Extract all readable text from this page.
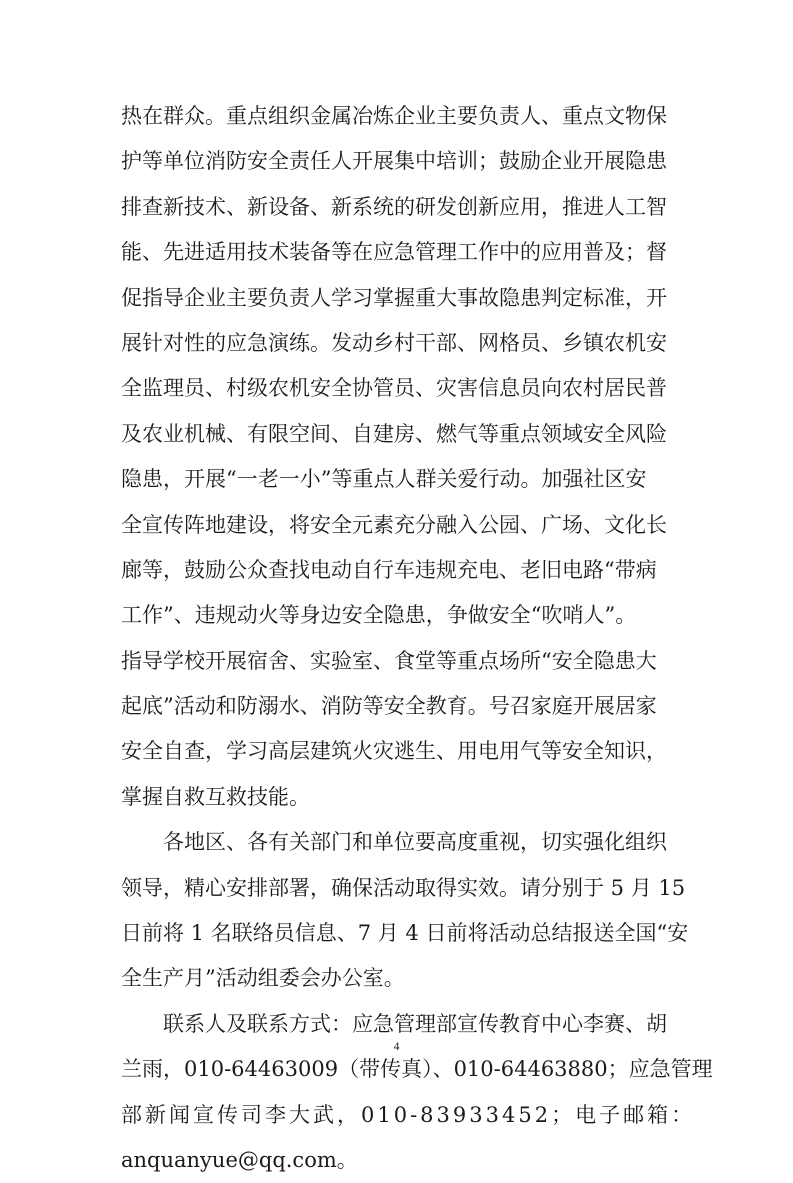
热在群众。重点组织金属冶炼企业主要负责人、重点文物保
护等单位消防安全责任人开展集中培训；鼓励企业开展隐患
排查新技术、新设备、新系统的研发创新应用，推进人工智
能、先进适用技术装备等在应急管理工作中的应用普及；督
促指导企业主要负责人学习掌握重大事故隐患判定标准，开
展针对性的应急演练。发动乡村干部、网格员、乡镇农机安
全监理员、村级农机安全协管员、灾害信息员向农村居民普
及农业机械、有限空间、自建房、燃气等重点领域安全风险
隐患，开展“一老一小”等重点人群关爱行动。加强社区安
全宣传阵地建设，将安全元素充分融入公园、广场、文化长
廊等，鼓励公众查找电动自行车违规充电、老旧电路“带病
工作”、违规动火等身边安全隐患，争做安全“吹哨人”。
指导学校开展宿舍、实验室、食堂等重点场所“安全隐患大
起底”活动和防溺水、消防等安全教育。号召家庭开展居家
安全自查，学习高层建筑火灾逃生、用电用气等安全知识，
掌握自救互救技能。
各地区、各有关部门和单位要高度重视，切实强化组织
领导，精心安排部署，确保活动取得实效。请分别于 5 月 15
日前将 1 名联络员信息、7 月 4 日前将活动总结报送全国“安
全生产月”活动组委会办公室。
联系人及联系方式：应急管理部宣传教育中心李赛、胡
兰雨，010-64463009（带传真）、010-64463880；应急管理
部新闻宣传司李大武，010-83933452；电子邮箱：
anquanyue@qq.com。
4
